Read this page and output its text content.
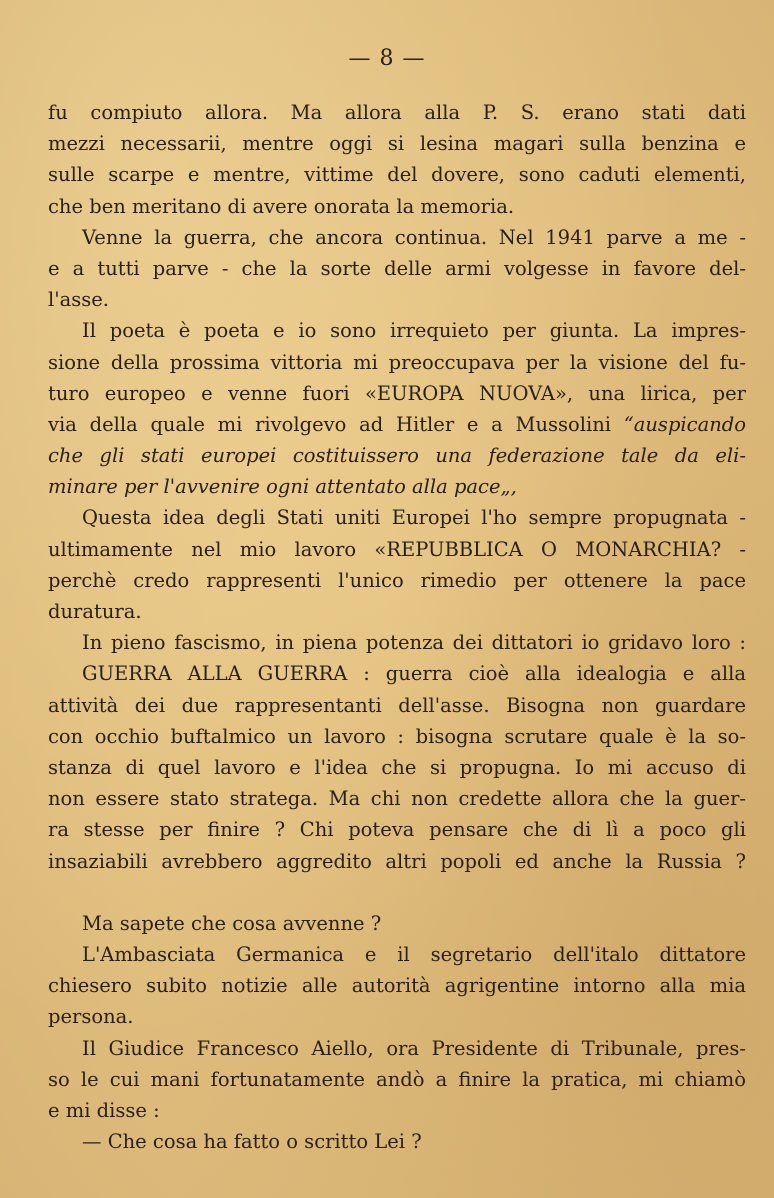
— 8 —
fu compiuto allora. Ma allora alla P. S. erano stati dati
mezzi necessarii, mentre oggi si lesina magari sulla benzina e
sulle scarpe e mentre, vittime del dovere, sono caduti elementi,
che ben meritano di avere onorata la memoria.
Venne la guerra, che ancora continua. Nel 1941 parve a me -
e a tutti parve - che la sorte delle armi volgesse in favore del-
l'asse.
Il poeta è poeta e io sono irrequieto per giunta. La impres-
sione della prossima vittoria mi preoccupava per la visione del fu-
turo europeo e venne fuori «EUROPA NUOVA», una lirica, per
via della quale mi rivolgevo ad Hitler e a Mussolini “auspicando
che gli stati europei costituissero una federazione tale da eli-
minare per l'avvenire ogni attentato alla pace„,
Questa idea degli Stati uniti Europei l'ho sempre propugnata -
ultimamente nel mio lavoro «REPUBBLICA O MONARCHIA? -
perchè credo rappresenti l'unico rimedio per ottenere la pace
duratura.
In pieno fascismo, in piena potenza dei dittatori io gridavo loro :
GUERRA ALLA GUERRA : guerra cioè alla idealogia e alla
attività dei due rappresentanti dell'asse. Bisogna non guardare
con occhio buftalmico un lavoro : bisogna scrutare quale è la so-
stanza di quel lavoro e l'idea che si propugna. Io mi accuso di
non essere stato stratega. Ma chi non credette allora che la guer-
ra stesse per finire ? Chi poteva pensare che di lì a poco gli
insaziabili avrebbero aggredito altri popoli ed anche la Russia ?
Ma sapete che cosa avvenne ?
L'Ambasciata Germanica e il segretario dell'italo dittatore
chiesero subito notizie alle autorità agrigentine intorno alla mia
persona.
Il Giudice Francesco Aiello, ora Presidente di Tribunale, pres-
so le cui mani fortunatamente andò a finire la pratica, mi chiamò
e mi disse :
— Che cosa ha fatto o scritto Lei ?
